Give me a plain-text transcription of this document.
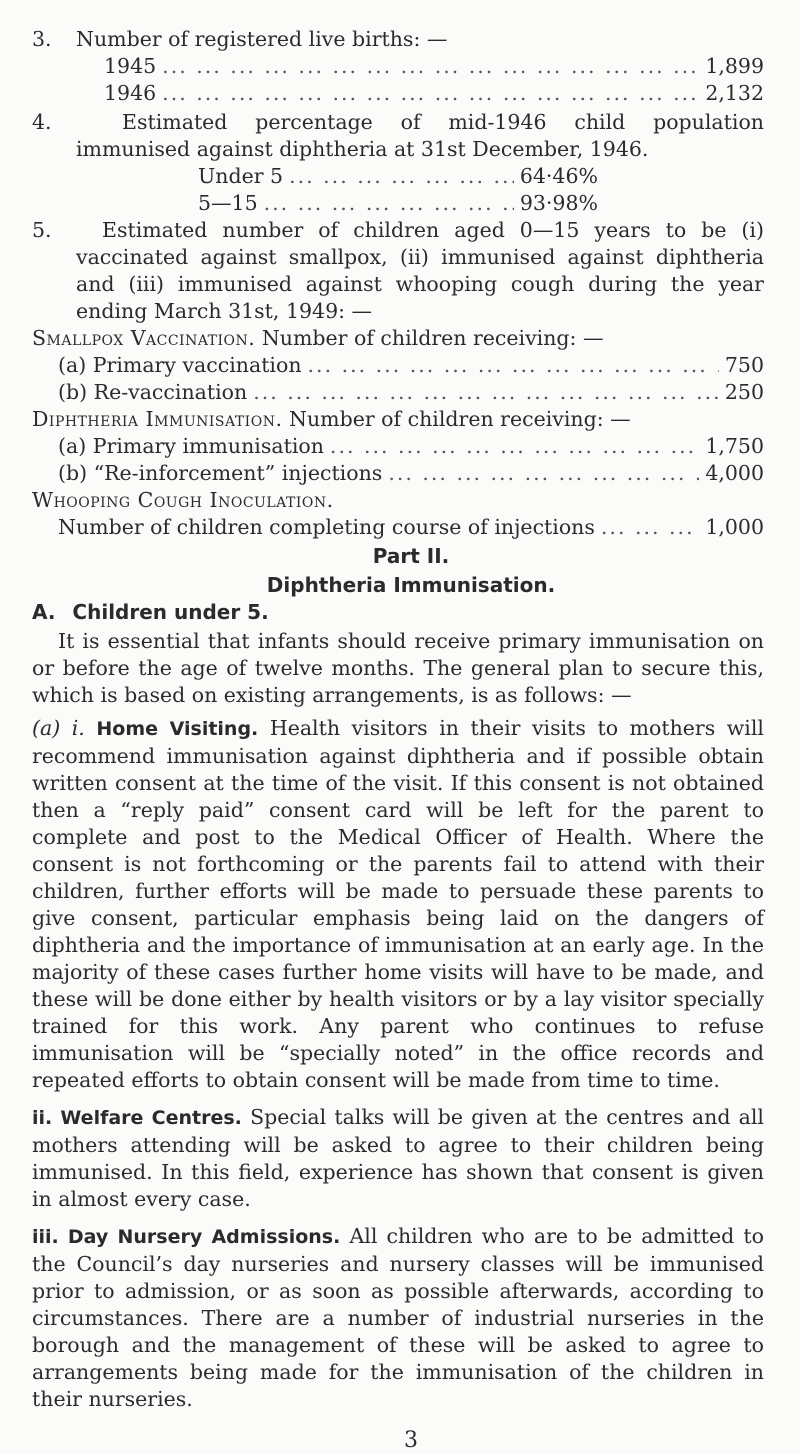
3.	Number of registered live births: —
1945 ... .	1,899
1946 ... .	2,132
4.	Estimated percentage of mid-1946 child population immunised against diphtheria at 31st December, 1946.
Under 5 ... .	64·46%
5—15 ... .	93·98%
5.	Estimated number of children aged 0—15 years to be (i) vaccinated against smallpox, (ii) immunised against diphtheria and (iii) immunised against whooping cough during the year ending March 31st, 1949: —
Smallpox Vaccination. Number of children receiving: —
(a) Primary vaccination ... .	750
(b) Re-vaccination ... .	250
Diphtheria Immunisation. Number of children receiving: —
(a) Primary immunisation ... .	1,750
(b) “Re-inforcement” injections ... .	4,000
Whooping Cough Inoculation.
Number of children completing course of injections ... .	1,000
Part II.
Diphtheria Immunisation.
A. Children under 5.

It is essential that infants should receive primary immunisation on or before the age of twelve months. The general plan to secure this, which is based on existing arrangements, is as follows: —

(a) i. Home Visiting. Health visitors in their visits to mothers will recommend immunisation against diphtheria and if possible obtain written consent at the time of the visit. If this consent is not obtained then a “reply paid” consent card will be left for the parent to complete and post to the Medical Officer of Health. Where the consent is not forthcoming or the parents fail to attend with their children, further efforts will be made to persuade these parents to give consent, particular emphasis being laid on the dangers of diphtheria and the importance of immunisation at an early age. In the majority of these cases further home visits will have to be made, and these will be done either by health visitors or by a lay visitor specially trained for this work. Any parent who continues to refuse immunisation will be “specially noted” in the office records and repeated efforts to obtain consent will be made from time to time.

ii. Welfare Centres. Special talks will be given at the centres and all mothers attending will be asked to agree to their children being immunised. In this field, experience has shown that consent is given in almost every case.

iii. Day Nursery Admissions. All children who are to be admitted to the Council’s day nurseries and nursery classes will be immunised prior to admission, or as soon as possible afterwards, according to circumstances. There are a number of industrial nurseries in the borough and the management of these will be asked to agree to arrangements being made for the immunisation of the children in their nurseries.

3
